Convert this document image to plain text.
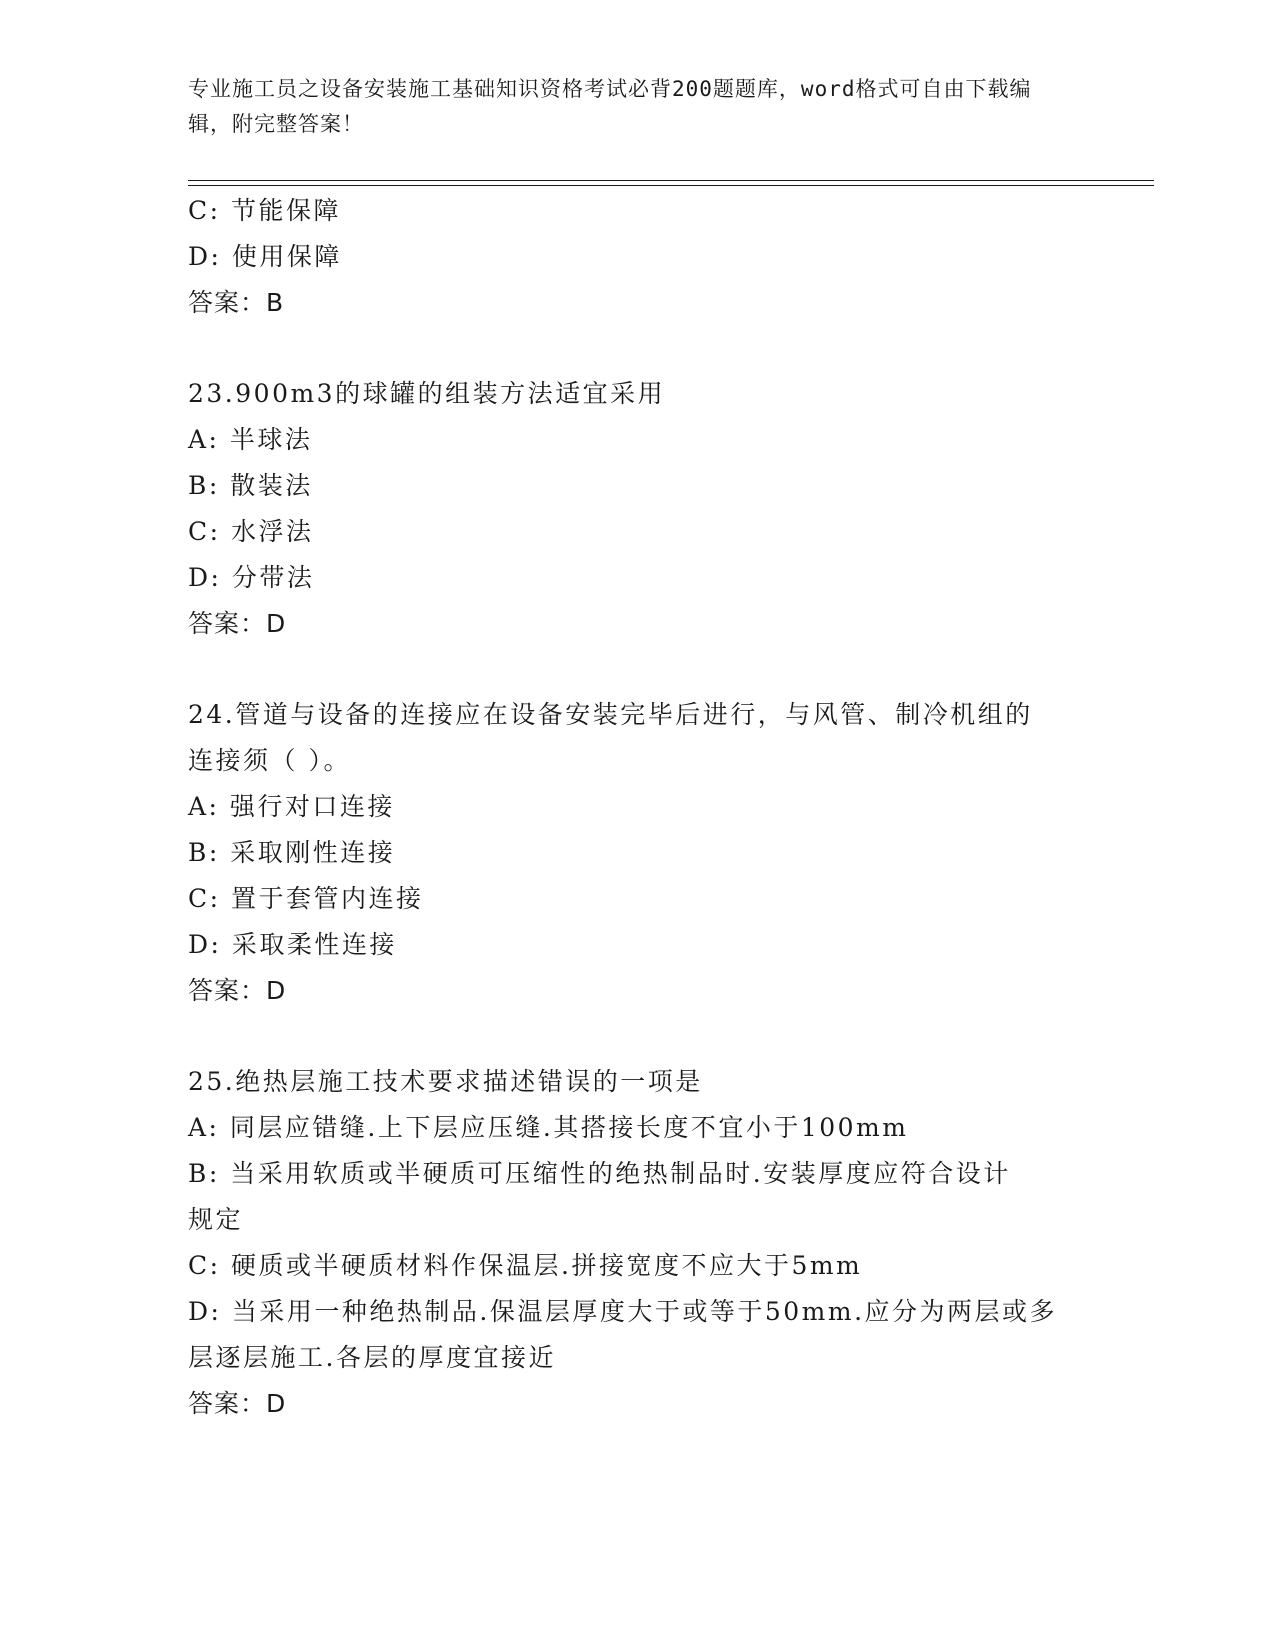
专业施工员之设备安装施工基础知识资格考试必背200题题库，word格式可自由下载编辑，附完整答案！
C: 节能保障
D: 使用保障
答案：B
23.900m3的球罐的组装方法适宜采用
A: 半球法
B: 散装法
C: 水浮法
D: 分带法
答案：D
24.管道与设备的连接应在设备安装完毕后进行，与风管、制冷机组的
连接须（ ）。
A: 强行对口连接
B: 采取刚性连接
C: 置于套管内连接
D: 采取柔性连接
答案：D
25.绝热层施工技术要求描述错误的一项是
A: 同层应错缝.上下层应压缝.其搭接长度不宜小于100mm
B: 当采用软质或半硬质可压缩性的绝热制品时.安装厚度应符合设计
规定
C: 硬质或半硬质材料作保温层.拼接宽度不应大于5mm
D: 当采用一种绝热制品.保温层厚度大于或等于50mm.应分为两层或多
层逐层施工.各层的厚度宜接近
答案：D
